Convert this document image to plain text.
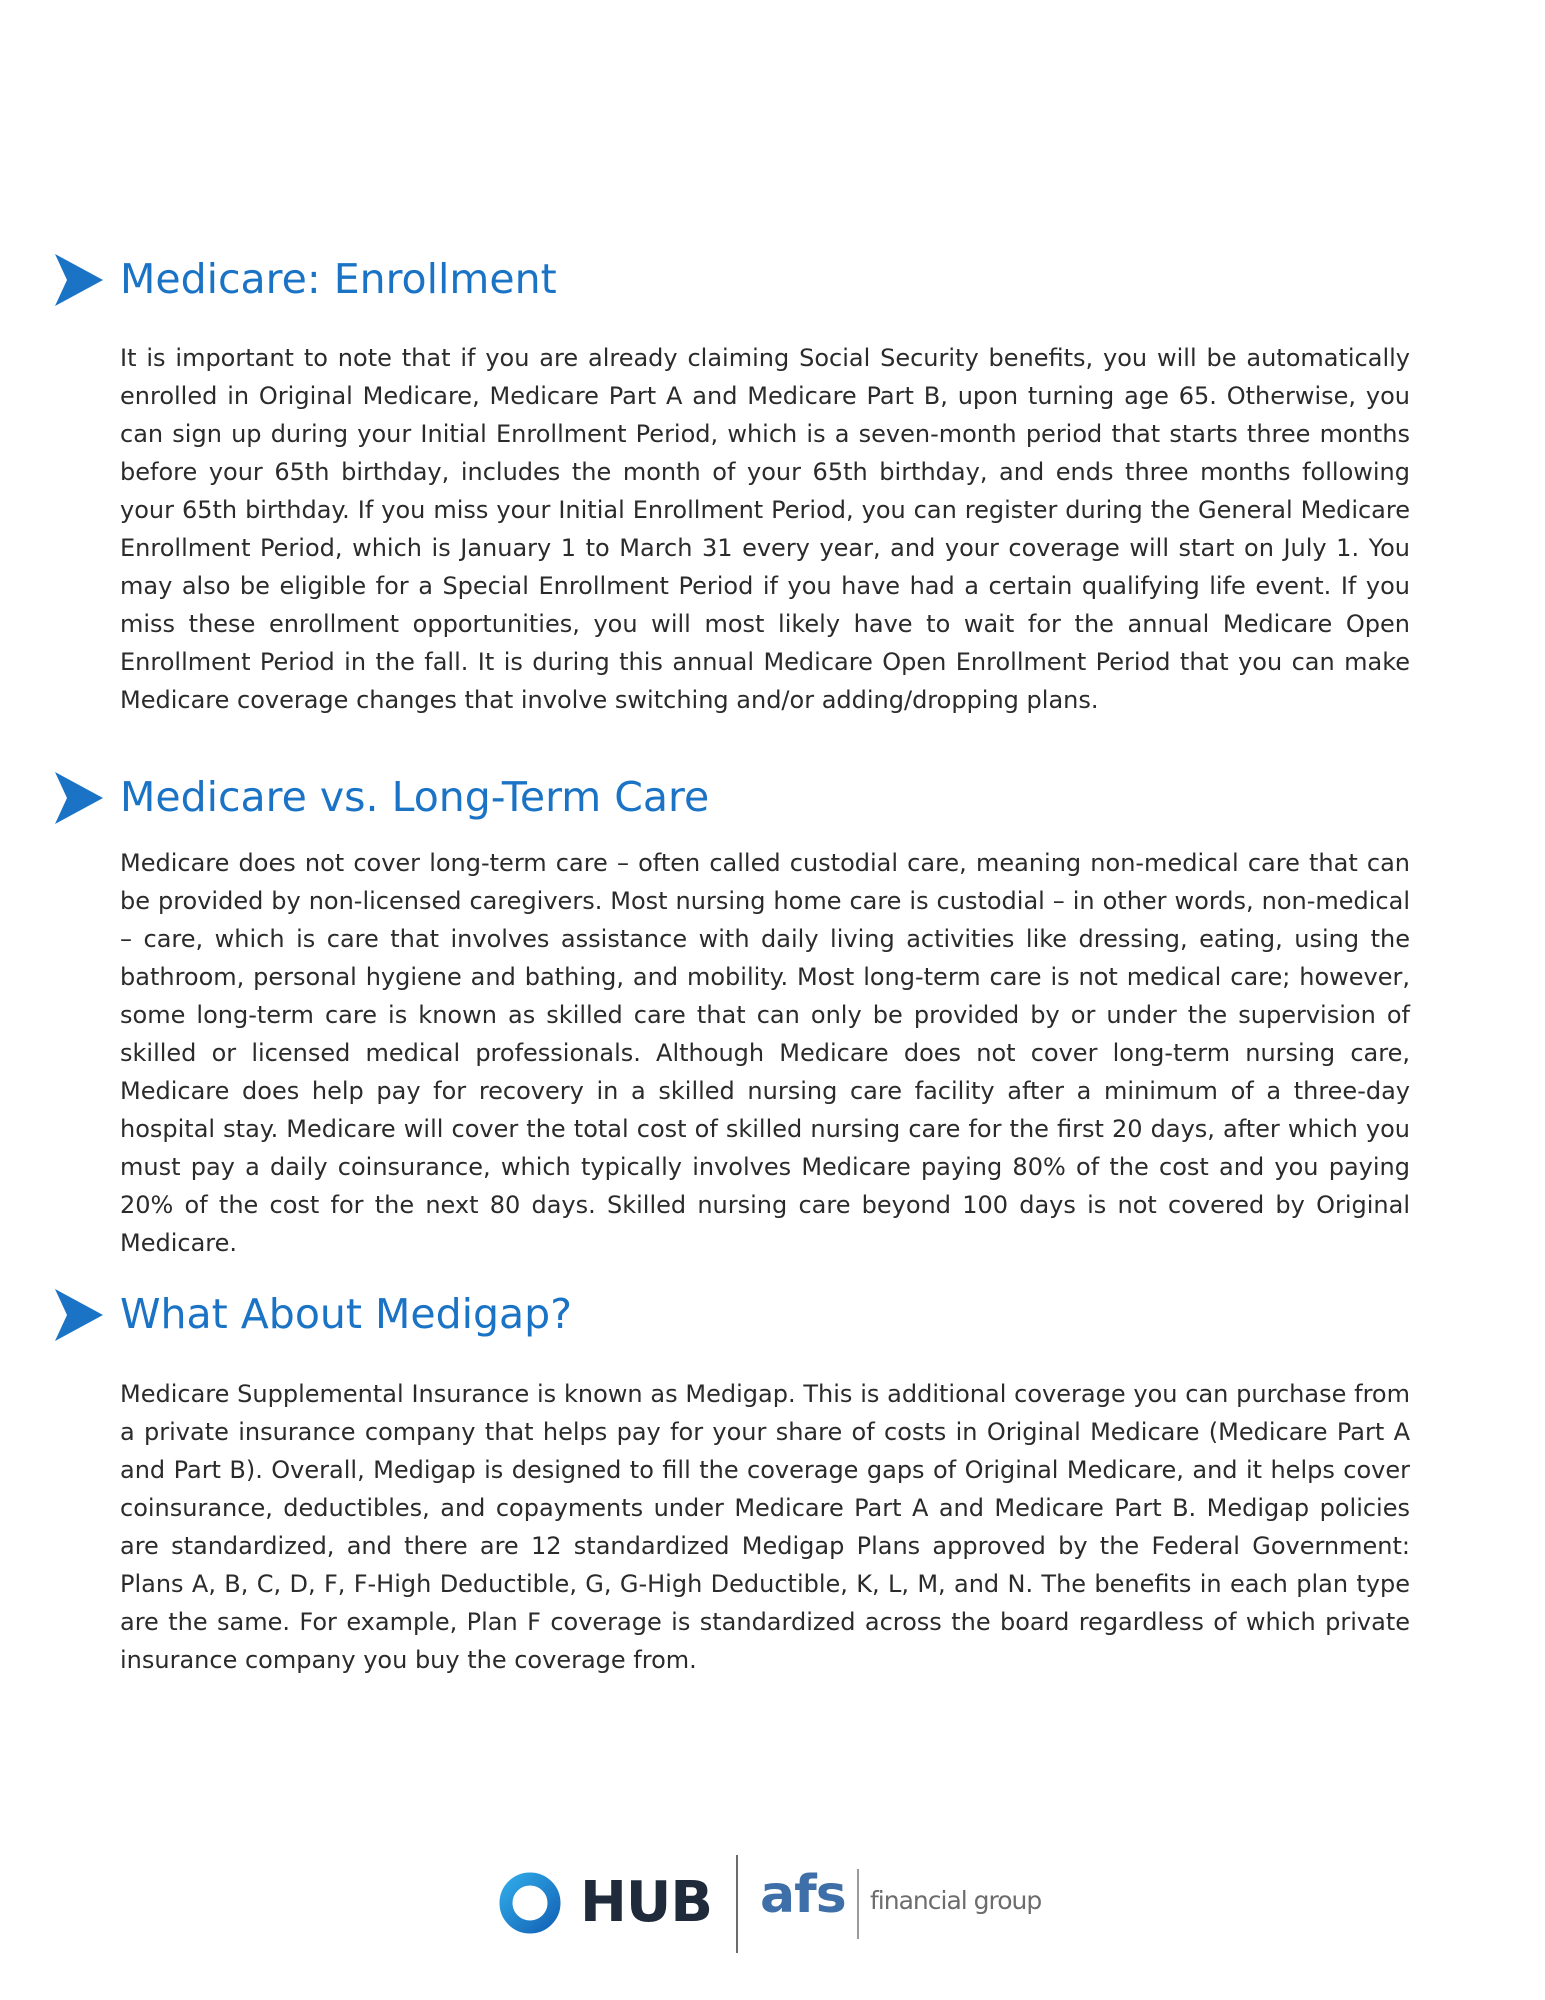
Medicare: Enrollment

It is important to note that if you are already claiming Social Security benefits, you will be automatically enrolled in Original Medicare, Medicare Part A and Medicare Part B, upon turning age 65. Otherwise, you can sign up during your Initial Enrollment Period, which is a seven-month period that starts three months before your 65th birthday, includes the month of your 65th birthday, and ends three months following your 65th birthday. If you miss your Initial Enrollment Period, you can register during the General Medicare Enrollment Period, which is January 1 to March 31 every year, and your coverage will start on July 1. You may also be eligible for a Special Enrollment Period if you have had a certain qualifying life event. If you miss these enrollment opportunities, you will most likely have to wait for the annual Medicare Open Enrollment Period in the fall. It is during this annual Medicare Open Enrollment Period that you can make Medicare coverage changes that involve switching and/or adding/dropping plans.

Medicare vs. Long-Term Care

Medicare does not cover long-term care – often called custodial care, meaning non-medical care that can be provided by non-licensed caregivers. Most nursing home care is custodial – in other words, non-medical – care, which is care that involves assistance with daily living activities like dressing, eating, using the bathroom, personal hygiene and bathing, and mobility. Most long-term care is not medical care; however, some long-term care is known as skilled care that can only be provided by or under the supervision of skilled or licensed medical professionals. Although Medicare does not cover long-term nursing care, Medicare does help pay for recovery in a skilled nursing care facility after a minimum of a three-day hospital stay. Medicare will cover the total cost of skilled nursing care for the first 20 days, after which you must pay a daily coinsurance, which typically involves Medicare paying 80% of the cost and you paying 20% of the cost for the next 80 days. Skilled nursing care beyond 100 days is not covered by Original Medicare.

What About Medigap?

Medicare Supplemental Insurance is known as Medigap. This is additional coverage you can purchase from a private insurance company that helps pay for your share of costs in Original Medicare (Medicare Part A and Part B). Overall, Medigap is designed to fill the coverage gaps of Original Medicare, and it helps cover coinsurance, deductibles, and copayments under Medicare Part A and Medicare Part B. Medigap policies are standardized, and there are 12 standardized Medigap Plans approved by the Federal Government: Plans A, B, C, D, F, F-High Deductible, G, G-High Deductible, K, L, M, and N. The benefits in each plan type are the same. For example, Plan F coverage is standardized across the board regardless of which private insurance company you buy the coverage from.

HUB afs financial group
